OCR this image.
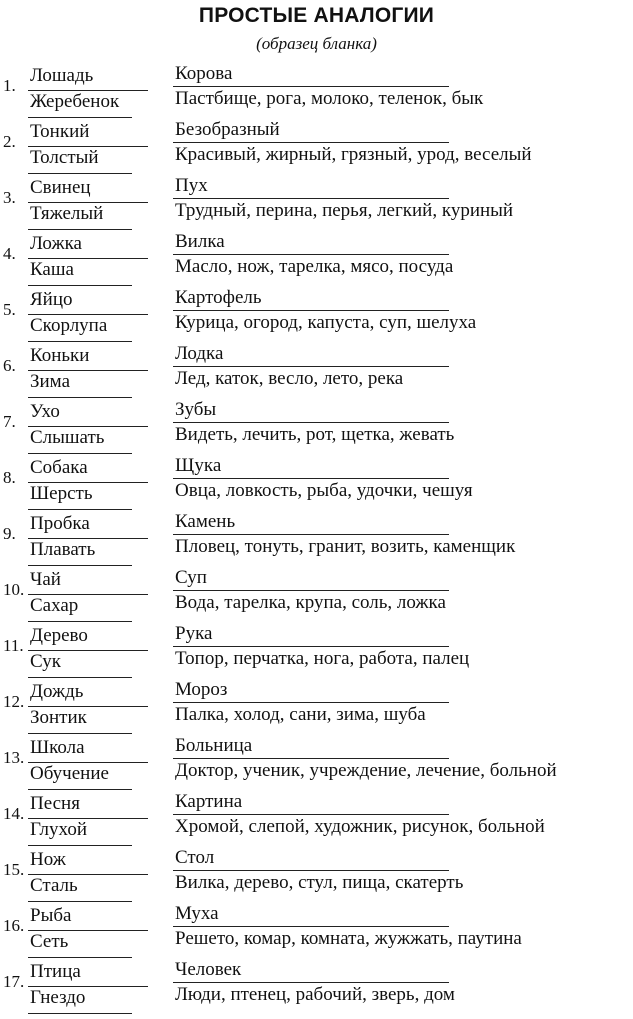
ПРОСТЫЕ АНАЛОГИИ
(образец бланка)
1. Лошадь
Жеребенок
Корова
Пастбище, рога, молоко, теленок, бык
2. Тонкий
Толстый
Безобразный
Красивый, жирный, грязный, урод, веселый
3. Свинец
Тяжелый
Пух
Трудный, перина, перья, легкий, куриный
4. Ложка
Каша
Вилка
Масло, нож, тарелка, мясо, посуда
5. Яйцо
Скорлупа
Картофель
Курица, огород, капуста, суп, шелуха
6. Коньки
Зима
Лодка
Лед, каток, весло, лето, река
7. Ухо
Слышать
Зубы
Видеть, лечить, рот, щетка, жевать
8. Собака
Шерсть
Щука
Овца, ловкость, рыба, удочки, чешуя
9. Пробка
Плавать
Камень
Пловец, тонуть, гранит, возить, каменщик
10. Чай
Сахар
Суп
Вода, тарелка, крупа, соль, ложка
11. Дерево
Сук
Рука
Топор, перчатка, нога, работа, палец
12. Дождь
Зонтик
Мороз
Палка, холод, сани, зима, шуба
13. Школа
Обучение
Больница
Доктор, ученик, учреждение, лечение, больной
14. Песня
Глухой
Картина
Хромой, слепой, художник, рисунок, больной
15. Нож
Сталь
Стол
Вилка, дерево, стул, пища, скатерть
16. Рыба
Сеть
Муха
Решето, комар, комната, жужжать, паутина
17. Птица
Гнездо
Человек
Люди, птенец, рабочий, зверь, дом
